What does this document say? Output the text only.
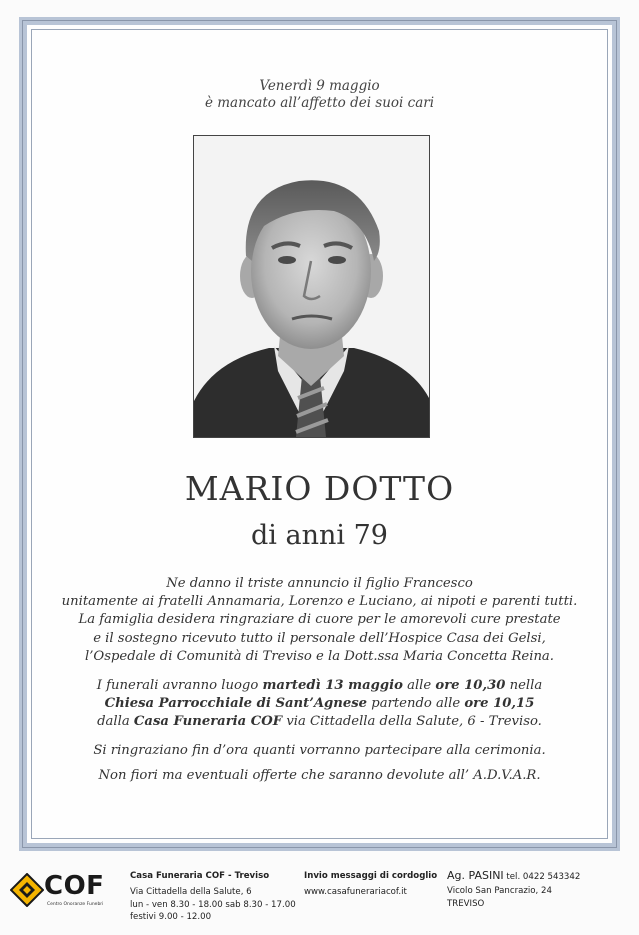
Venerdì 9 maggio
è mancato all’affetto dei suoi cari
MARIO DOTTO
di anni 79
Ne danno il triste annuncio il figlio Francesco
unitamente ai fratelli Annamaria, Lorenzo e Luciano, ai nipoti e parenti tutti.
La famiglia desidera ringraziare di cuore per le amorevoli cure prestate
e il sostegno ricevuto tutto il personale dell’Hospice Casa dei Gelsi,
l’Ospedale di Comunità di Treviso e la Dott.ssa Maria Concetta Reina.
I funerali avranno luogo martedì 13 maggio alle ore 10,30 nella
Chiesa Parrocchiale di Sant’Agnese partendo alle ore 10,15
dalla Casa Funeraria COF via Cittadella della Salute, 6 - Treviso.
Si ringraziano fin d’ora quanti vorranno partecipare alla cerimonia.
Non fiori ma eventuali offerte che saranno devolute all’ A.D.V.A.R.
COF
Centro Onoranze Funebri
Casa Funeraria COF - Treviso
Via Cittadella della Salute, 6
lun - ven 8.30 - 18.00 sab 8.30 - 17.00
festivi 9.00 - 12.00
Invio messaggi di cordoglio
www.casafunerariacof.it
Ag. PASINI tel. 0422 543342
Vicolo San Pancrazio, 24
TREVISO
